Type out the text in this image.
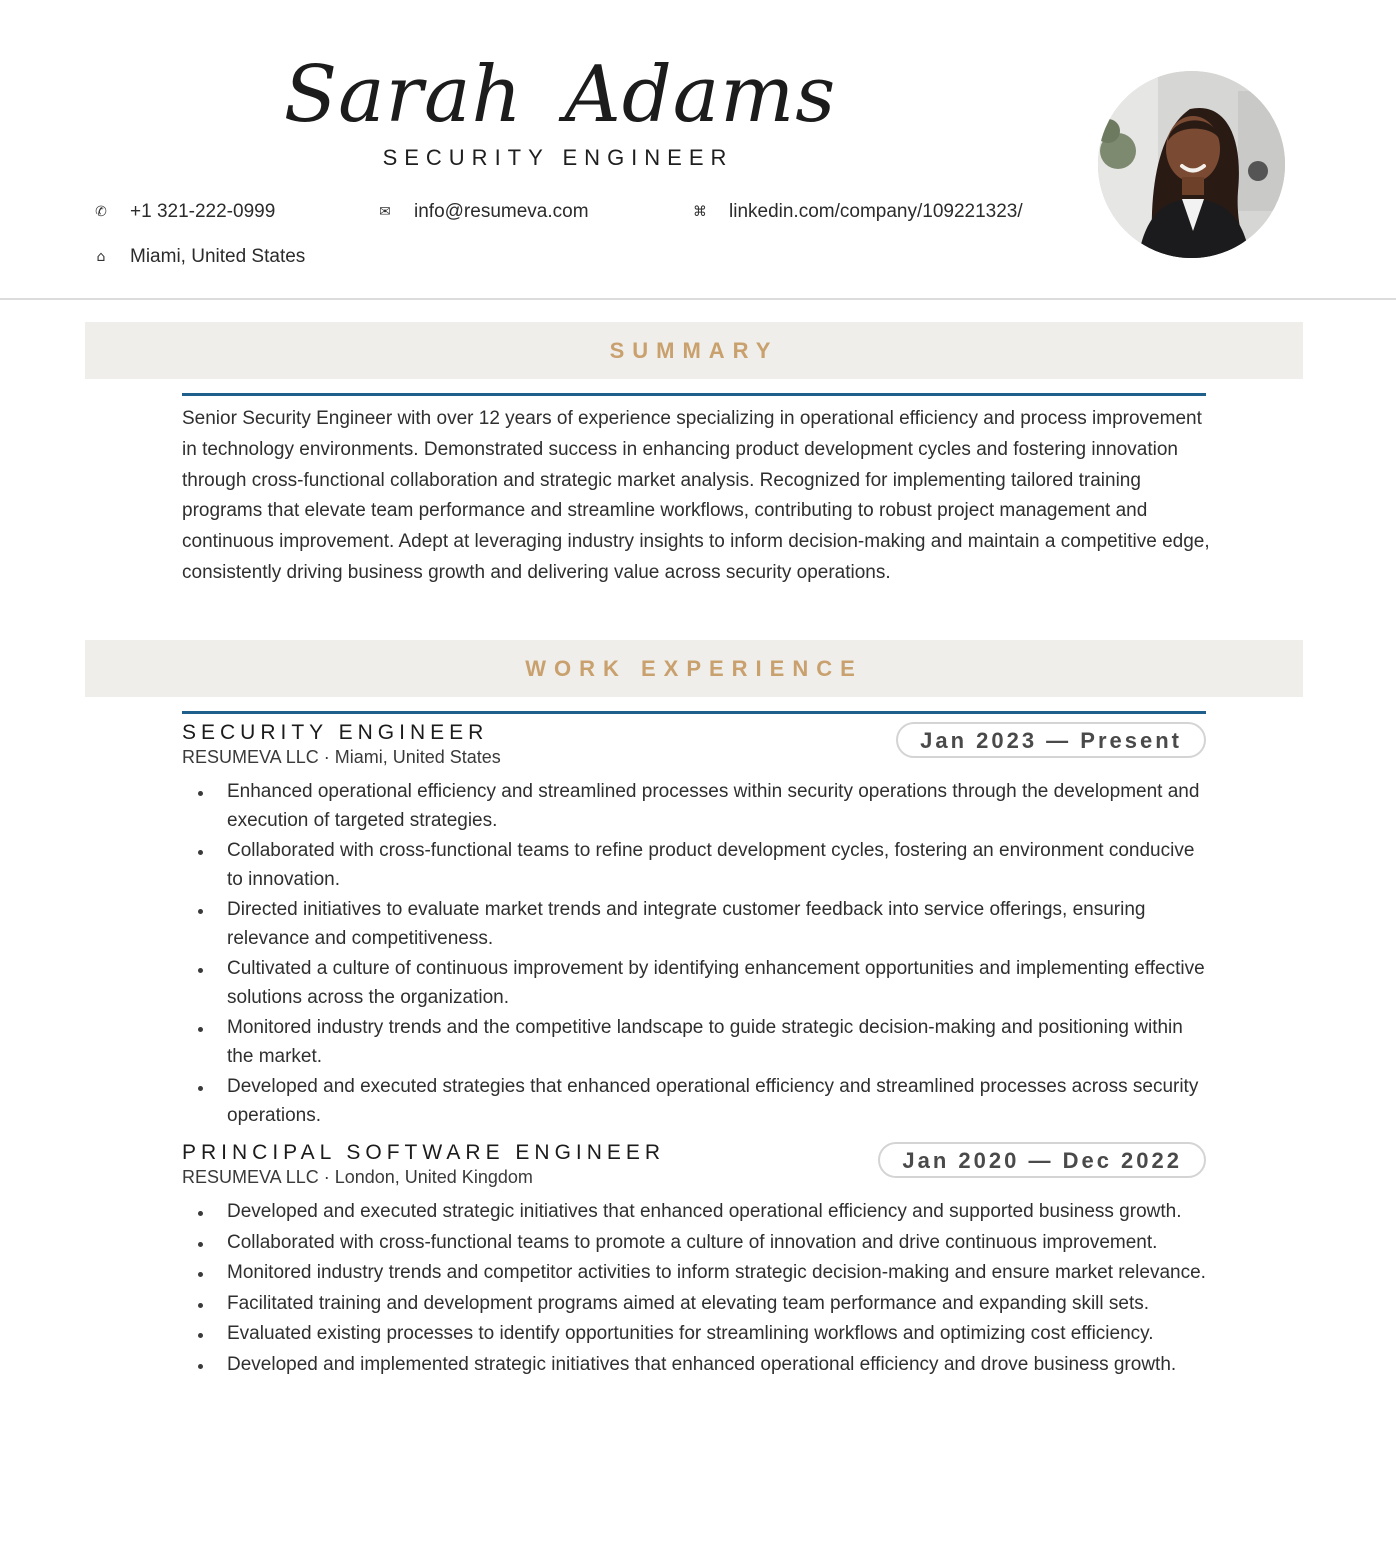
Sarah Adams
SECURITY ENGINEER
✆ +1 321-222-0999	✉ info@resumeva.com	⌘ linkedin.com/company/109221323/
⌂	Miami, United States
SUMMARY
Senior Security Engineer with over 12 years of experience specializing in operational efficiency and process improvement in technology environments. Demonstrated success in enhancing product development cycles and fostering innovation through cross-functional collaboration and strategic market analysis. Recognized for implementing tailored training programs that elevate team performance and streamline workflows, contributing to robust project management and continuous improvement. Adept at leveraging industry insights to inform decision-making and maintain a competitive edge, consistently driving business growth and delivering value across security operations.
WORK EXPERIENCE
SECURITY ENGINEER
RESUMEVA LLC · Miami, United States
Jan 2023 — Present
Enhanced operational efficiency and streamlined processes within security operations through the development and execution of targeted strategies.
Collaborated with cross-functional teams to refine product development cycles, fostering an environment conducive to innovation.
Directed initiatives to evaluate market trends and integrate customer feedback into service offerings, ensuring relevance and competitiveness.
Cultivated a culture of continuous improvement by identifying enhancement opportunities and implementing effective solutions across the organization.
Monitored industry trends and the competitive landscape to guide strategic decision-making and positioning within the market.
Developed and executed strategies that enhanced operational efficiency and streamlined processes across security operations.
PRINCIPAL SOFTWARE ENGINEER
RESUMEVA LLC · London, United Kingdom
Jan 2020 — Dec 2022
Developed and executed strategic initiatives that enhanced operational efficiency and supported business growth.
Collaborated with cross-functional teams to promote a culture of innovation and drive continuous improvement.
Monitored industry trends and competitor activities to inform strategic decision-making and ensure market relevance.
Facilitated training and development programs aimed at elevating team performance and expanding skill sets.
Evaluated existing processes to identify opportunities for streamlining workflows and optimizing cost efficiency.
Developed and implemented strategic initiatives that enhanced operational efficiency and drove business growth.
